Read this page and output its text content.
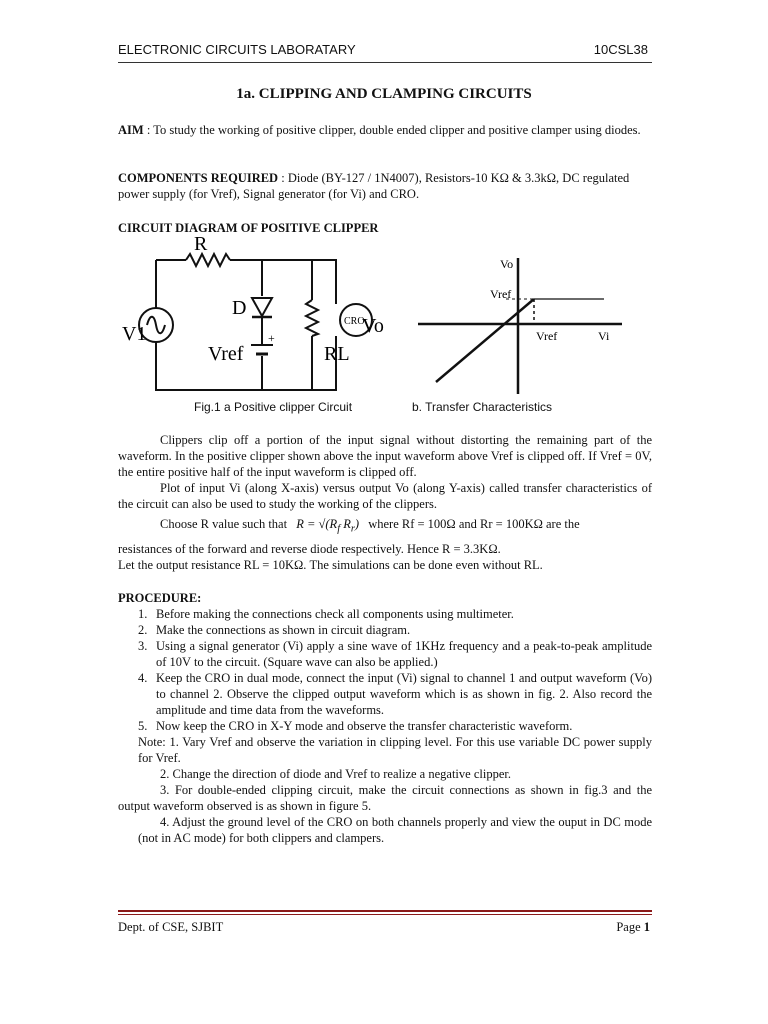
ELECTRONIC CIRCUITS LABORATARY	10CSL38
1a. CLIPPING AND CLAMPING CIRCUITS
AIM : To study the working of positive clipper, double ended clipper and positive clamper using diodes.
COMPONENTS REQUIRED : Diode (BY-127 / 1N4007), Resistors-10 KΩ & 3.3kΩ, DC regulated power supply (for Vref), Signal generator (for Vi) and CRO.
CIRCUIT DIAGRAM OF POSITIVE CLIPPER
R
V1
D
+
Vref	RL
CRO
Vo
Vo
Vref
Vref	Vi
Fig.1 a Positive clipper Circuit	b. Transfer Characteristics
Clippers clip off a portion of the input signal without distorting the remaining part of the waveform. In the positive clipper shown above the input waveform above Vref is clipped off. If Vref = 0V, the entire positive half of the input waveform is clipped off.
Plot of input Vi (along X-axis) versus output Vo (along Y-axis) called transfer characteristics of the circuit can also be used to study the working of the clippers.
Choose R value such that $R = √(R_f$ $R_r$) where Rf = 100Ω and Rr = 100KΩ are the
resistances of the forward and reverse diode respectively. Hence R = 3.3KΩ.
Let the output resistance RL = 10KΩ. The simulations can be done even without RL.
PROCEDURE:
1. Before making the connections check all components using multimeter.
2. Make the connections as shown in circuit diagram.
3. Using a signal generator (Vi) apply a sine wave of 1KHz frequency and a peak-to-peak amplitude of 10V to the circuit. (Square wave can also be applied.)
4. Keep the CRO in dual mode, connect the input (Vi) signal to channel 1 and output waveform (Vo) to channel 2. Observe the clipped output waveform which is as shown in fig. 2. Also record the amplitude and time data from the waveforms.
5. Now keep the CRO in X-Y mode and observe the transfer characteristic waveform.
Note: 1. Vary Vref and observe the variation in clipping level. For this use variable DC power supply for Vref.
2. Change the direction of diode and Vref to realize a negative clipper.
3. For double-ended clipping circuit, make the circuit connections as shown in fig.3 and the output waveform observed is as shown in figure 5.
4. Adjust the ground level of the CRO on both channels properly and view the ouput in DC mode (not in AC mode) for both clippers and clampers.
Dept. of CSE, SJBIT	Page 1
